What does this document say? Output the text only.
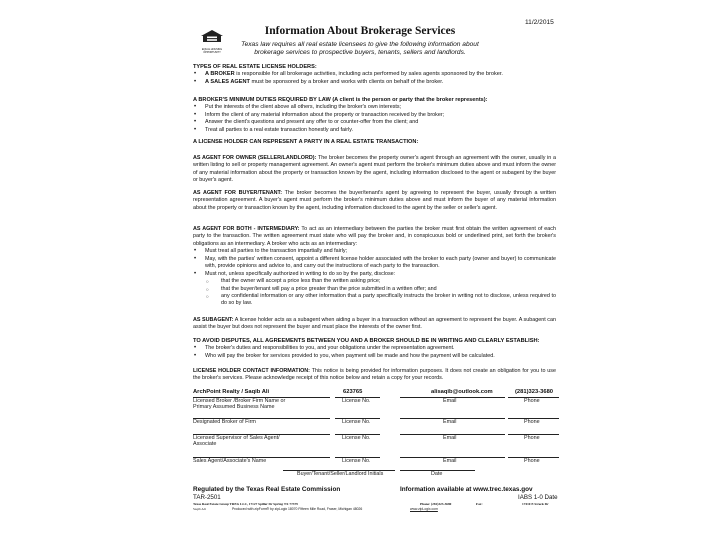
11/2/2015
EQUAL HOUSING OPPORTUNITY
Information About Brokerage Services
Texas law requires all real estate licensees to give the following information about
brokerage services to prospective buyers, tenants, sellers and landlords.
TYPES OF REAL ESTATE LICENSE HOLDERS:
• A BROKER is responsible for all brokerage activities, including acts performed by sales agents sponsored by the broker.
• A SALES AGENT must be sponsored by a broker and works with clients on behalf of the broker.
A BROKER'S MINIMUM DUTIES REQUIRED BY LAW (A client is the person or party that the broker represents):
• Put the interests of the client above all others, including the broker's own interests;
• Inform the client of any material information about the property or transaction received by the broker;
• Answer the client's questions and present any offer to or counter-offer from the client; and
• Treat all parties to a real estate transaction honestly and fairly.
A LICENSE HOLDER CAN REPRESENT A PARTY IN A REAL ESTATE TRANSACTION:
AS AGENT FOR OWNER (SELLER/LANDLORD): The broker becomes the property owner's agent through an agreement with the owner, usually in a written listing to sell or property management agreement. An owner's agent must perform the broker's minimum duties above and must inform the owner of any material information about the property or transaction known by the agent, including information disclosed to the agent or subagent by the buyer or buyer's agent.
AS AGENT FOR BUYER/TENANT: The broker becomes the buyer/tenant's agent by agreeing to represent the buyer, usually through a written representation agreement. A buyer's agent must perform the broker's minimum duties above and must inform the buyer of any material information about the property or transaction known by the agent, including information disclosed to the agent by the seller or seller's agent.
AS AGENT FOR BOTH - INTERMEDIARY: To act as an intermediary between the parties the broker must first obtain the written agreement of each party to the transaction. The written agreement must state who will pay the broker and, in conspicuous bold or underlined print, set forth the broker's obligations as an intermediary. A broker who acts as an intermediary:
• Must treat all parties to the transaction impartially and fairly;
• May, with the parties' written consent, appoint a different license holder associated with the broker to each party (owner and buyer) to communicate with, provide opinions and advice to, and carry out the instructions of each party to the transaction.
• Must not, unless specifically authorized in writing to do so by the party, disclose:
○ that the owner will accept a price less than the written asking price;
○ that the buyer/tenant will pay a price greater than the price submitted in a written offer; and
○ any confidential information or any other information that a party specifically instructs the broker in writing not to disclose, unless required to do so by law.
AS SUBAGENT: A license holder acts as a subagent when aiding a buyer in a transaction without an agreement to represent the buyer. A subagent can assist the buyer but does not represent the buyer and must place the interests of the owner first.
TO AVOID DISPUTES, ALL AGREEMENTS BETWEEN YOU AND A BROKER SHOULD BE IN WRITING AND CLEARLY ESTABLISH:
• The broker's duties and responsibilities to you, and your obligations under the representation agreement.
• Who will pay the broker for services provided to you, when payment will be made and how the payment will be calculated.
LICENSE HOLDER CONTACT INFORMATION: This notice is being provided for information purposes. It does not create an obligation for you to use the broker's services. Please acknowledge receipt of this notice below and retain a copy for your records.
ArchPoint Realty / Saqib Ali	623765	alisaqib@outlook.com	(281)323-3680
Licensed Broker /Broker Firm Name or
Primary Assumed Business Name
License No.	Email	Phone
Designated Broker of Firm	License No.	Email	Phone
Licensed Supervisor of Sales Agent/
Associate
License No.	Email	Phone
Sales Agent/Associate's Name	License No.	Email	Phone
Buyer/Tenant/Seller/Landlord Initials	Date
Regulated by the Texas Real Estate Commission	Information available at www.trec.texas.gov
TAR-2501	IABS 1-0 Date
Texas Real Estate Group TREG LLC, 17127 Spiller Dr Spring TX 77379	Phone: (281)323-3680	Fax:	17410 E Streck Dr
Saqib Ali	Produced with zipForm® by zipLogix 18070 Fifteen Mile Road, Fraser, Michigan 48026	www.zipLogix.com
